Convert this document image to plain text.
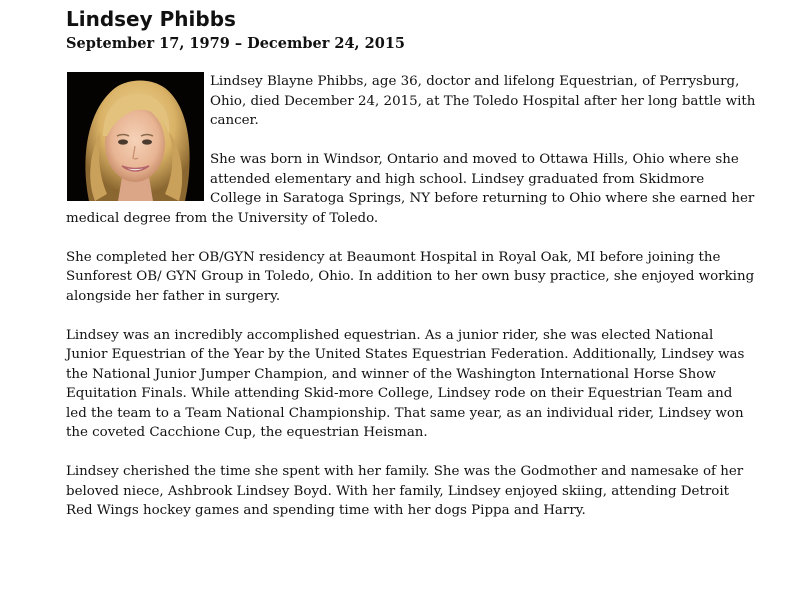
Lindsey Phibbs
September 17, 1979 – December 24, 2015

Lindsey Blayne Phibbs, age 36, doctor and lifelong Equestrian, of Perrysburg, Ohio, died December 24, 2015, at The Toledo Hospital after her long battle with cancer.

She was born in Windsor, Ontario and moved to Ottawa Hills, Ohio where she attended elementary and high school. Lindsey graduated from Skidmore College in Saratoga Springs, NY before returning to Ohio where she earned her medical degree from the University of Toledo.

She completed her OB/GYN residency at Beaumont Hospital in Royal Oak, MI before joining the Sunforest OB/ GYN Group in Toledo, Ohio. In addition to her own busy practice, she enjoyed working alongside her father in surgery.

Lindsey was an incredibly accomplished equestrian. As a junior rider, she was elected National Junior Equestrian of the Year by the United States Equestrian Federation. Additionally, Lindsey was the National Junior Jumper Champion, and winner of the Washington International Horse Show Equitation Finals. While attending Skid-more College, Lindsey rode on their Equestrian Team and led the team to a Team National Championship. That same year, as an individual rider, Lindsey won the coveted Cacchione Cup, the equestrian Heisman.

Lindsey cherished the time she spent with her family. She was the Godmother and namesake of her beloved niece, Ashbrook Lindsey Boyd. With her family, Lindsey enjoyed skiing, attending Detroit Red Wings hockey games and spending time with her dogs Pippa and Harry.
